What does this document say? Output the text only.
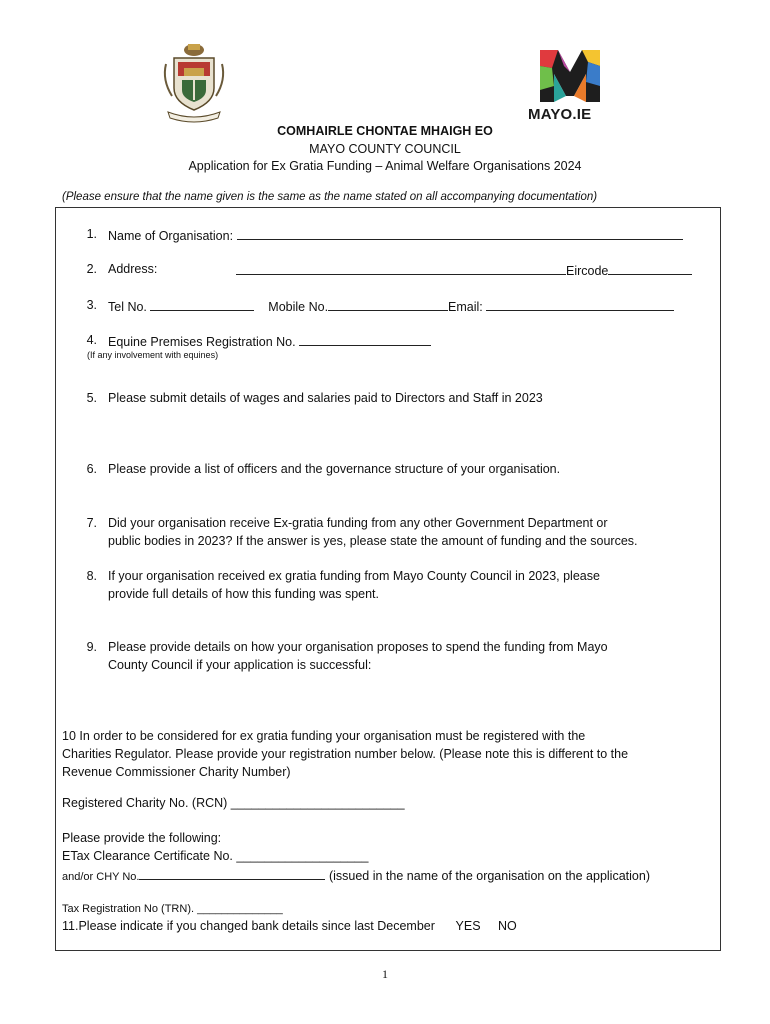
MAYO.IE
COMHAIRLE CHONTAE MHAIGH EO
MAYO COUNTY COUNCIL
Application for Ex Gratia Funding – Animal Welfare Organisations 2024
(Please ensure that the name given is the same as the name stated on all accompanying documentation)
1. Name of Organisation:
2. Address:	Eircode
3. Tel No.	Mobile No.	Email:
4. Equine Premises Registration No.
(If any involvement with equines)
5. Please submit details of wages and salaries paid to Directors and Staff in 2023
6. Please provide a list of officers and the governance structure of your organisation.
7. Did your organisation receive Ex-gratia funding from any other Government Department or
public bodies in 2023? If the answer is yes, please state the amount of funding and the sources.
8. If your organisation received ex gratia funding from Mayo County Council in 2023, please
provide full details of how this funding was spent.
9. Please provide details on how your organisation proposes to spend the funding from Mayo
County Council if your application is successful:
10 In order to be considered for ex gratia funding your organisation must be registered with the
Charities Regulator. Please provide your registration number below. (Please note this is different to the
Revenue Commissioner Charity Number)
Registered Charity No. (RCN) _________________________
Please provide the following:
ETax Clearance Certificate No. ___________________
and/or CHY No.	(issued in the name of the organisation on the application)
Tax Registration No (TRN). ______________
11.Please indicate if you changed bank details since last December YES NO
1
